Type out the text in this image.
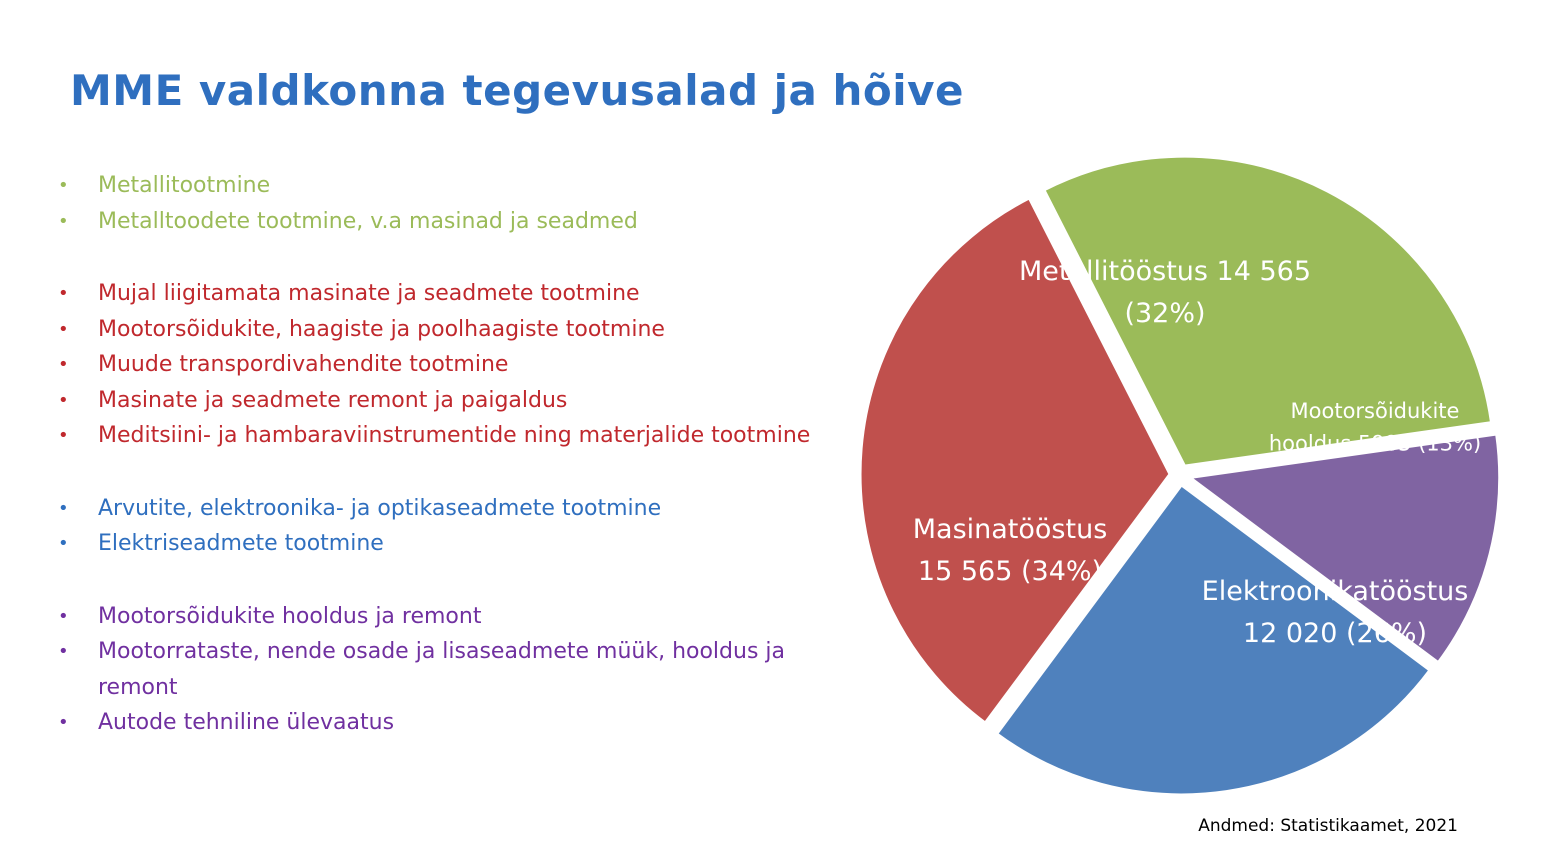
MME valdkonna tegevusalad ja hõive
• Metallitootmine
• Metalltoodete tootmine, v.a masinad ja seadmed
• Mujal liigitamata masinate ja seadmete tootmine
• Mootorsõidukite, haagiste ja poolhaagiste tootmine
• Muude transpordivahendite tootmine
• Masinate ja seadmete remont ja paigaldus
• Meditsiini- ja hambaraviinstrumentide ning materjalide tootmine
• Arvutite, elektroonika- ja optikaseadmete tootmine
• Elektriseadmete tootmine
• Mootorsõidukite hooldus ja remont
• Mootorrataste, nende osade ja lisaseadmete müük, hooldus ja remont
• Autode tehniline ülevaatus
Metallitööstus 14 565 (32%)
Mootorsõidukite hooldus 5985 (13%)
Elektroonikatööstus 12 020 (26%)
Masinatööstus 15 565 (34%)
Andmed: Statistikaamet, 2021
